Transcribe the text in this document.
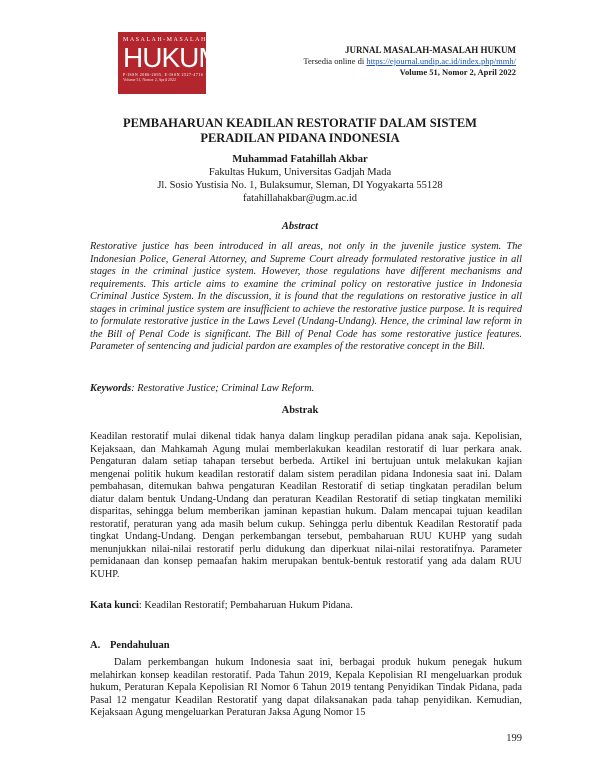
MASALAH-MASALAH
HUKUM
P-ISSN 2086-2695, E-ISSN 2527-4716
Volume 51, Nomor 2, April 2022
JURNAL MASALAH-MASALAH HUKUM
Tersedia online di https://ejournal.undip.ac.id/index.php/mmh/
Volume 51, Nomor 2, April 2022
PEMBAHARUAN KEADILAN RESTORATIF DALAM SISTEM
PERADILAN PIDANA INDONESIA
Muhammad Fatahillah Akbar
Fakultas Hukum, Universitas Gadjah Mada
Jl. Sosio Yustisia No. 1, Bulaksumur, Sleman, DI Yogyakarta 55128
fatahillahakbar@ugm.ac.id
Abstract

Restorative justice has been introduced in all areas, not only in the juvenile justice system. The Indonesian Police, General Attorney, and Supreme Court already formulated restorative justice in all stages in the criminal justice system. However, those regulations have different mechanisms and requirements. This article aims to examine the criminal policy on restorative justice in Indonesia Criminal Justice System. In the discussion, it is found that the regulations on restorative justice in all stages in criminal justice system are insufficient to achieve the restorative justice purpose. It is required to formulate restorative justice in the Laws Level (Undang-Undang). Hence, the criminal law reform in the Bill of Penal Code is significant. The Bill of Penal Code has some restorative justice features. Parameter of sentencing and judicial pardon are examples of the restorative concept in the Bill.

Keywords: Restorative Justice; Criminal Law Reform.

Abstrak

Keadilan restoratif mulai dikenal tidak hanya dalam lingkup peradilan pidana anak saja. Kepolisian, Kejaksaan, dan Mahkamah Agung mulai memberlakukan keadilan restoratif di luar perkara anak. Pengaturan dalam setiap tahapan tersebut berbeda. Artikel ini bertujuan untuk melakukan kajian mengenai politik hukum keadilan restoratif dalam sistem peradilan pidana Indonesia saat ini. Dalam pembahasan, ditemukan bahwa pengaturan Keadilan Restoratif di setiap tingkatan peradilan belum diatur dalam bentuk Undang-Undang dan peraturan Keadilan Restoratif di setiap tingkatan memiliki disparitas, sehingga belum memberikan jaminan kepastian hukum. Dalam mencapai tujuan keadilan restoratif, peraturan yang ada masih belum cukup. Sehingga perlu dibentuk Keadilan Restoratif pada tingkat Undang-Undang. Dengan perkembangan tersebut, pembaharuan RUU KUHP yang sudah menunjukkan nilai-nilai restoratif perlu didukung dan diperkuat nilai-nilai restoratifnya. Parameter pemidanaan dan konsep pemaafan hakim merupakan bentuk-bentuk restoratif yang ada dalam RUU KUHP.

Kata kunci: Keadilan Restoratif; Pembaharuan Hukum Pidana.

A. Pendahuluan

Dalam perkembangan hukum Indonesia saat ini, berbagai produk hukum penegak hukum melahirkan konsep keadilan restoratif. Pada Tahun 2019, Kepala Kepolisian RI mengeluarkan produk hukum, Peraturan Kepala Kepolisian RI Nomor 6 Tahun 2019 tentang Penyidikan Tindak Pidana, pada Pasal 12 mengatur Keadilan Restoratif yang dapat dilaksanakan pada tahap penyidikan. Kemudian, Kejaksaan Agung mengeluarkan Peraturan Jaksa Agung Nomor 15

199
